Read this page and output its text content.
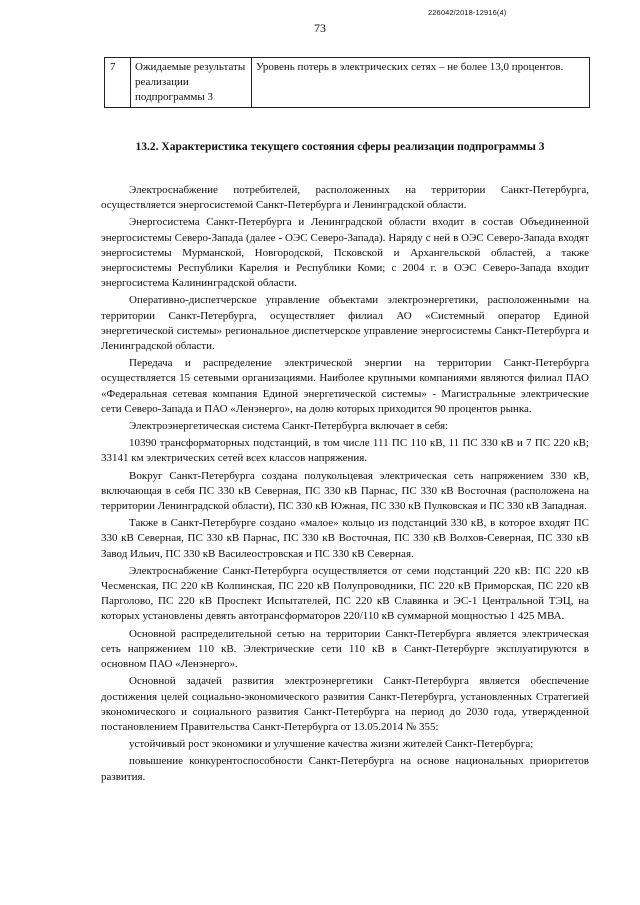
226042/2018-12916(4)
73
7	Ожидаемые результаты реализации подпрограммы 3	Уровень потерь в электрических сетях – не более 13,0 процентов.
13.2. Характеристика текущего состояния сферы реализации подпрограммы 3

Электроснабжение потребителей, расположенных на территории Санкт-Петербурга, осуществляется энергосистемой Санкт-Петербурга и Ленинградской области.

Энергосистема Санкт-Петербурга и Ленинградской области входит в состав Объединенной энергосистемы Северо-Запада (далее - ОЭС Северо-Запада). Наряду с ней в ОЭС Северо-Запада входят энергосистемы Мурманской, Новгородской, Псковской и Архангельской областей, а также энергосистемы Республики Карелия и Республики Коми; с 2004 г. в ОЭС Северо-Запада входит энергосистема Калининградской области.

Оперативно-диспетчерское управление объектами электроэнергетики, расположенными на территории Санкт-Петербурга, осуществляет филиал АО «Системный оператор Единой энергетической системы» региональное диспетчерское управление энергосистемы Санкт-Петербурга и Ленинградской области.

Передача и распределение электрической энергии на территории Санкт-Петербурга осуществляется 15 сетевыми организациями. Наиболее крупными компаниями являются филиал ПАО «Федеральная сетевая компания Единой энергетической системы» - Магистральные электрические сети Северо-Запада и ПАО «Ленэнерго», на долю которых приходится 90 процентов рынка.

Электроэнергетическая система Санкт-Петербурга включает в себя:

10390 трансформаторных подстанций, в том числе 111 ПС 110 кВ, 11 ПС 330 кВ и 7 ПС 220 кВ; 33141 км электрических сетей всех классов напряжения.

Вокруг Санкт-Петербурга создана полукольцевая электрическая сеть напряжением 330 кВ, включающая в себя ПС 330 кВ Северная, ПС 330 кВ Парнас, ПС 330 кВ Восточная (расположена на территории Ленинградской области), ПС 330 кВ Южная, ПС 330 кВ Пулковская и ПС 330 кВ Западная.

Также в Санкт-Петербурге создано «малое» кольцо из подстанций 330 кВ, в которое входят ПС 330 кВ Северная, ПС 330 кВ Парнас, ПС 330 кВ Восточная, ПС 330 кВ Волхов-Северная, ПС 330 кВ Завод Ильич, ПС 330 кВ Василеостровская и ПС 330 кВ Северная.

Электроснабжение Санкт-Петербурга осуществляется от семи подстанций 220 кВ: ПС 220 кВ Чесменская, ПС 220 кВ Колпинская, ПС 220 кВ Полупроводники, ПС 220 кВ Приморская, ПС 220 кВ Парголово, ПС 220 кВ Проспект Испытателей, ПС 220 кВ Славянка и ЭС-1 Центральной ТЭЦ, на которых установлены девять автотрансформаторов 220/110 кВ суммарной мощностью 1 425 МВА.

Основной распределительной сетью на территории Санкт-Петербурга является электрическая сеть напряжением 110 кВ. Электрические сети 110 кВ в Санкт-Петербурге эксплуатируются в основном ПАО «Ленэнерго».

Основной задачей развития электроэнергетики Санкт-Петербурга является обеспечение достижения целей социально-экономического развития Санкт-Петербурга, установленных Стратегией экономического и социального развития Санкт-Петербурга на период до 2030 года, утвержденной постановлением Правительства Санкт-Петербурга от 13.05.2014 № 355:

устойчивый рост экономики и улучшение качества жизни жителей Санкт-Петербурга;

повышение конкурентоспособности Санкт-Петербурга на основе национальных приоритетов развития.
